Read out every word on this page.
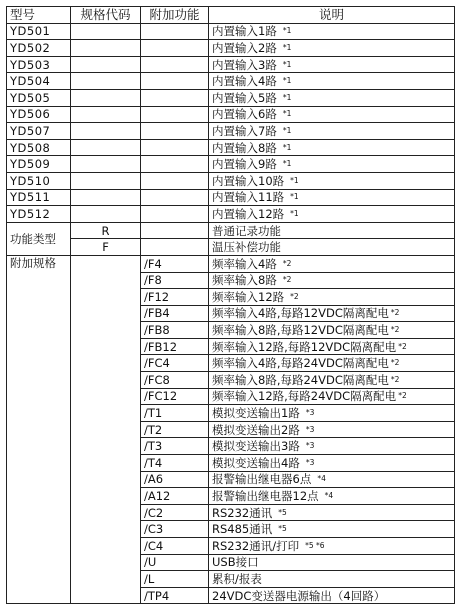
型号	规格代码	附加功能	说明
YD501			内置输入1路 *1
YD502			内置输入2路 *1
YD503			内置输入3路 *1
YD504			内置输入4路 *1
YD505			内置输入5路 *1
YD506			内置输入6路 *1
YD507			内置输入7路 *1
YD508			内置输入8路 *1
YD509			内置输入9路 *1
YD510			内置输入10路 *1
YD511			内置输入11路 *1
YD512			内置输入12路 *1
功能类型	R		普通记录功能
	F		温压补偿功能
附加规格		/F4	频率输入4路 *2
		/F8	频率输入8路 *2
		/F12	频率输入12路 *2
		/FB4	频率输入4路,每路12VDC隔离配电 *2
		/FB8	频率输入8路,每路12VDC隔离配电 *2
		/FB12	频率输入12路,每路12VDC隔离配电 *2
		/FC4	频率输入4路,每路24VDC隔离配电 *2
		/FC8	频率输入8路,每路24VDC隔离配电 *2
		/FC12	频率输入12路,每路24VDC隔离配电 *2
		/T1	模拟变送输出1路 *3
		/T2	模拟变送输出2路 *3
		/T3	模拟变送输出3路 *3
		/T4	模拟变送输出4路 *3
		/A6	报警输出继电器6点 *4
		/A12	报警输出继电器12点 *4
		/C2	RS232通讯 *5
		/C3	RS485通讯 *5
		/C4	RS232通讯/打印 *5 *6
		/U	USB接口
		/L	累积/报表
		/TP4	24VDC变送器电源输出（4回路）
